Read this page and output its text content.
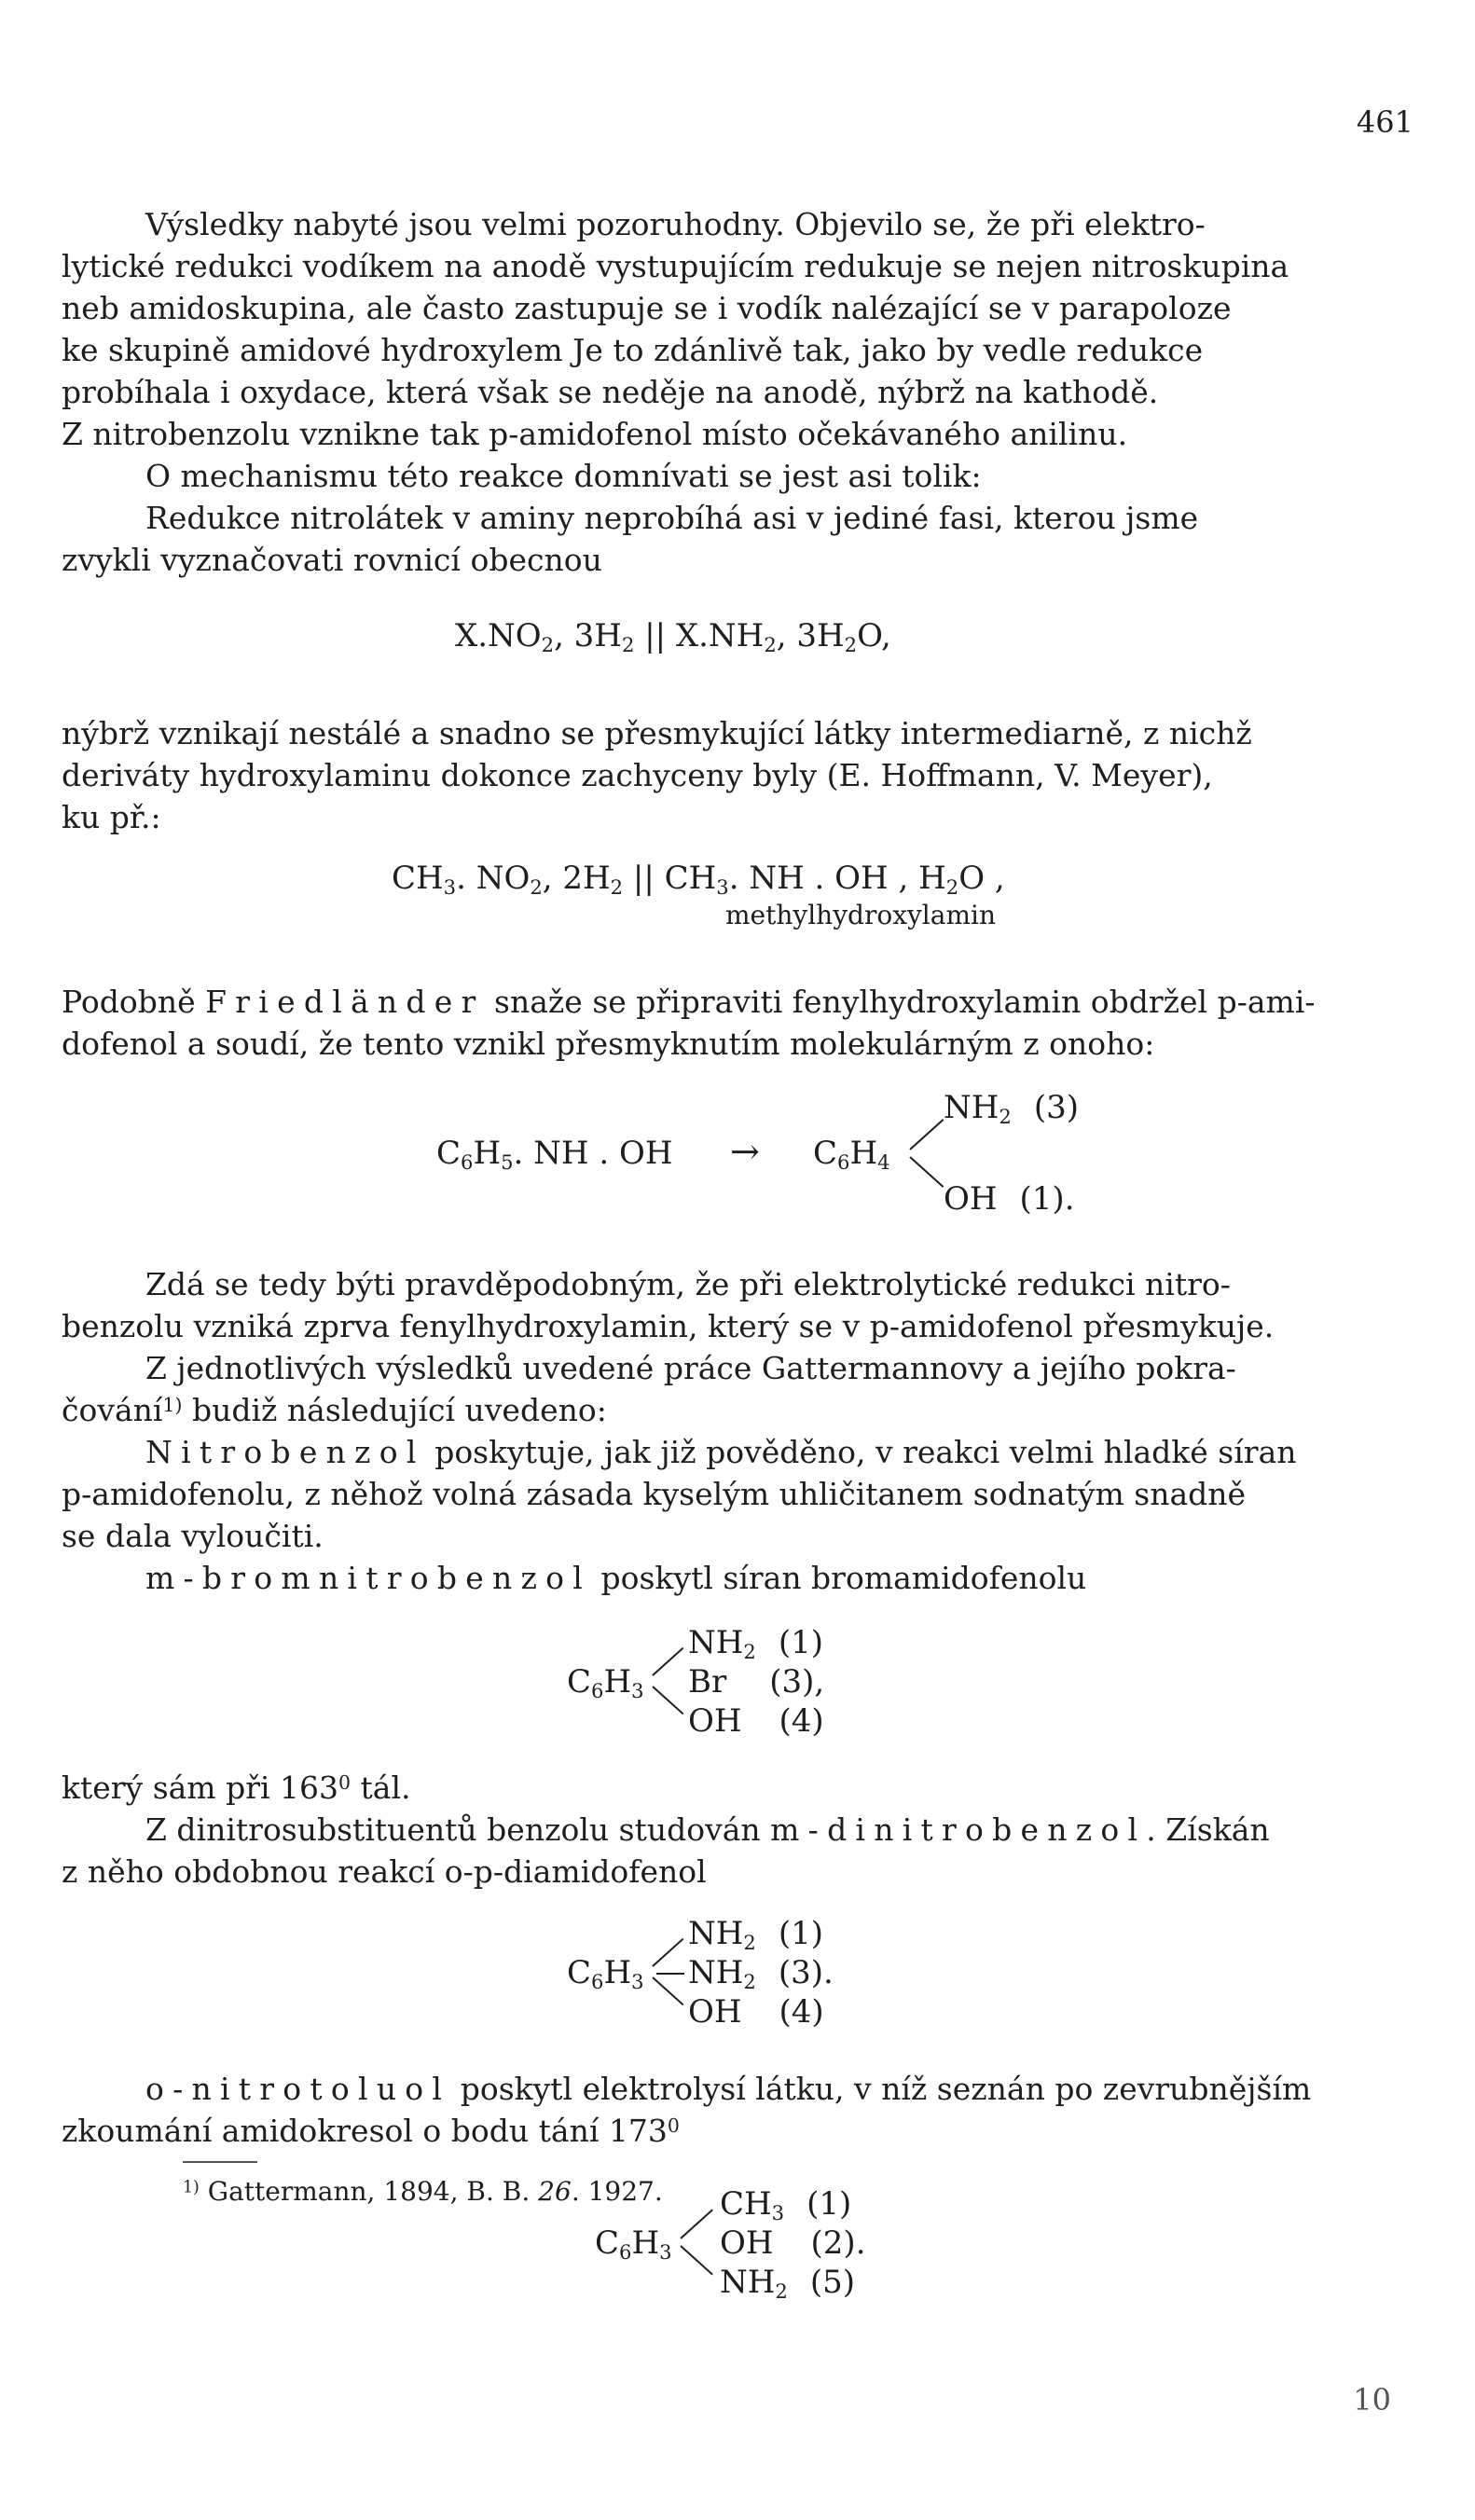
461
Výsledky nabyté jsou velmi pozoruhodny. Objevilo se, že při elektro-
lytické redukci vodíkem na anodě vystupujícím redukuje se nejen nitroskupina
neb amidoskupina, ale často zastupuje se i vodík nalézající se v parapoloze
ke skupině amidové hydroxylem Je to zdánlivě tak, jako by vedle redukce
probíhala i oxydace, která však se neděje na anodě, nýbrž na kathodě.
Z nitrobenzolu vznikne tak p-amidofenol místo očekávaného anilinu.
O mechanismu této reakce domnívati se jest asi tolik:
Redukce nitrolátek v aminy neprobíhá asi v jediné fasi, kterou jsme
zvykli vyznačovati rovnicí obecnou
$X.NO_2$, $3H_2$ || $X.NH_2$, $3H_2O$,
nýbrž vznikají nestálé a snadno se přesmykující látky intermediarně, z nichž
deriváty hydroxylaminu dokonce zachyceny byly (E. Hoffmann, V. Meyer),
ku př.:
$CH_3$. $NO_2$, $2H_2$ || $CH_3$. NH . OH , $H_2O$ ,
methylhydroxylamin
Podobně Friedländer snaže se připraviti fenylhydroxylamin obdržel p-ami-
dofenol a soudí, že tento vznikl přesmyknutím molekulárným z onoho:
$C_6H_5$. NH . OH → $C_6H_4$
$NH_2$ (3)
OH (1).
Zdá se tedy býti pravděpodobným, že při elektrolytické redukci nitro-
benzolu vzniká zprva fenylhydroxylamin, který se v p-amidofenol přesmykuje.
Z jednotlivých výsledků uvedené práce Gattermannovy a jejího pokra-
čování$^{1)}$ budiž následující uvedeno:
Nitrobenzol poskytuje, jak již pověděno, v reakci velmi hladké síran
p-amidofenolu, z něhož volná zásada kyselým uhličitanem sodnatým snadně
se dala vyloučiti.
m-bromnitrobenzol poskytl síran bromamidofenolu
$C_6H_3$
$NH_2$ (1)
Br (3),
OH (4)
který sám při $163^0$ tál.
Z dinitrosubstituentů benzolu studován m-dinitrobenzol. Získán
z něho obdobnou reakcí o-p-diamidofenol
$C_6H_3$
$NH_2$ (1)
$NH_2$ (3).
OH (4)
o-nitrotoluol poskytl elektrolysí látku, v níž seznán po zevrubnějším
zkoumání amidokresol o bodu tání $173^0$
$C_6H_3$
$CH_3$ (1)
OH (2).
$NH_2$ (5)
$^{1)}$ Gattermann, 1894, B. B. 26. 1927.
10
